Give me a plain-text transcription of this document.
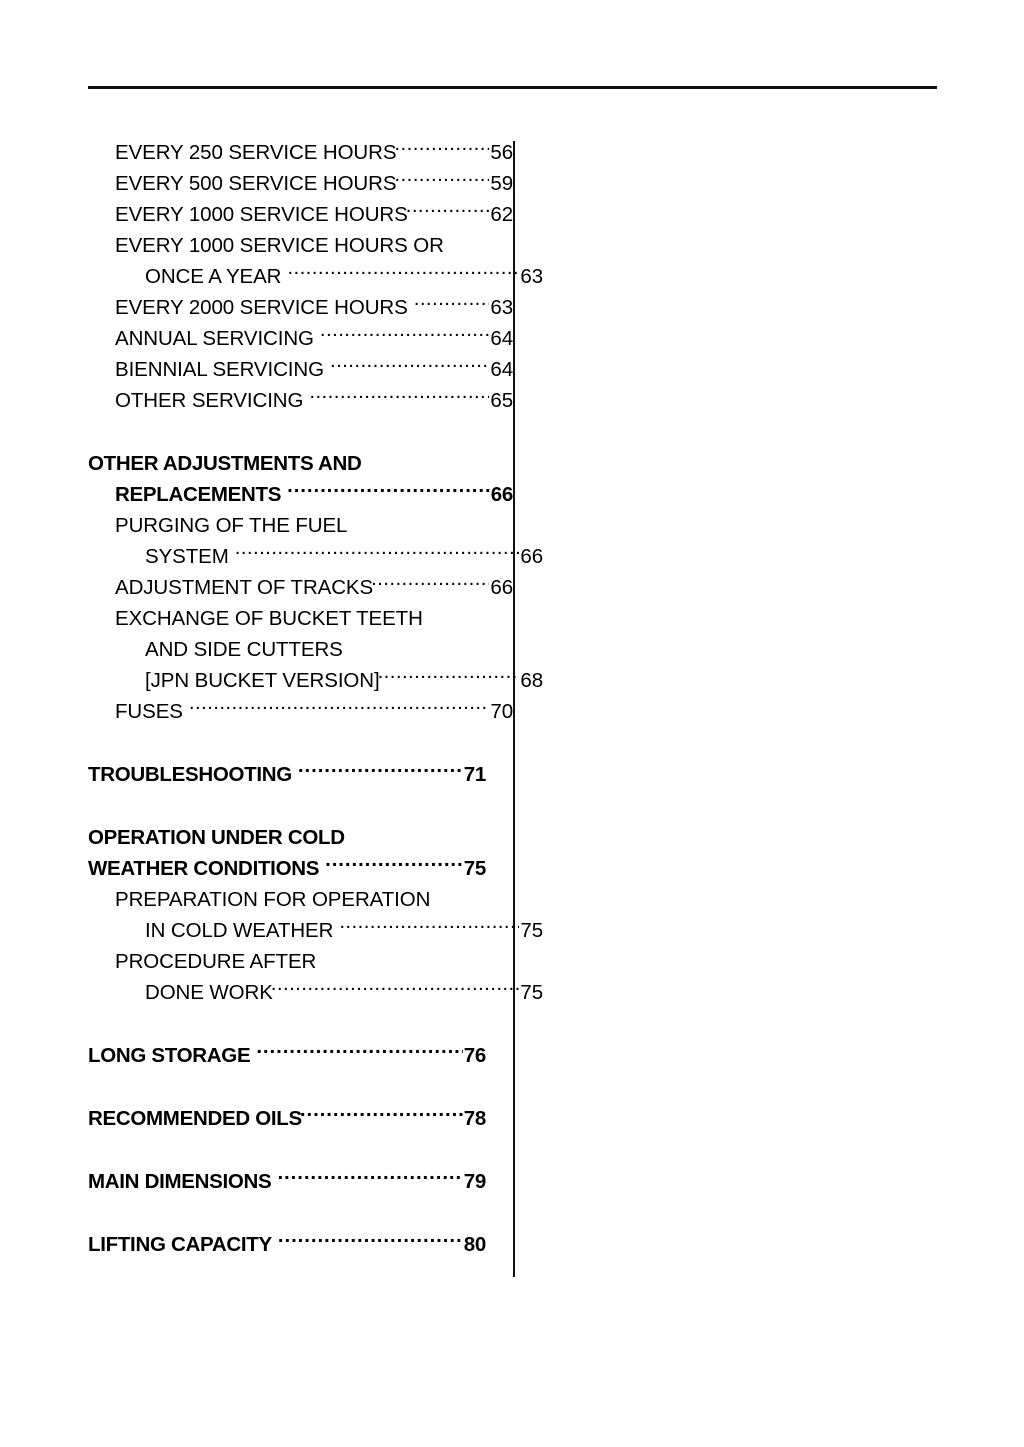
EVERY 250 SERVICE HOURS .....	56
EVERY 500 SERVICE HOURS .....	59
EVERY 1000 SERVICE HOURS .....	62
EVERY 1000 SERVICE HOURS OR
ONCE A YEAR .....	63
EVERY 2000 SERVICE HOURS .....	63
ANNUAL SERVICING .....	64
BIENNIAL SERVICING .....	64
OTHER SERVICING .....	65
OTHER ADJUSTMENTS AND
REPLACEMENTS .....	66
PURGING OF THE FUEL
SYSTEM .....	66
ADJUSTMENT OF TRACKS .....	66
EXCHANGE OF BUCKET TEETH
AND SIDE CUTTERS
[JPN BUCKET VERSION] .....	68
FUSES .....	70
TROUBLESHOOTING .....	71
OPERATION UNDER COLD
WEATHER CONDITIONS .....	75
PREPARATION FOR OPERATION
IN COLD WEATHER .....	75
PROCEDURE AFTER
DONE WORK .....	75
LONG STORAGE .....	76
RECOMMENDED OILS .....	78
MAIN DIMENSIONS .....	79
LIFTING CAPACITY .....	80
